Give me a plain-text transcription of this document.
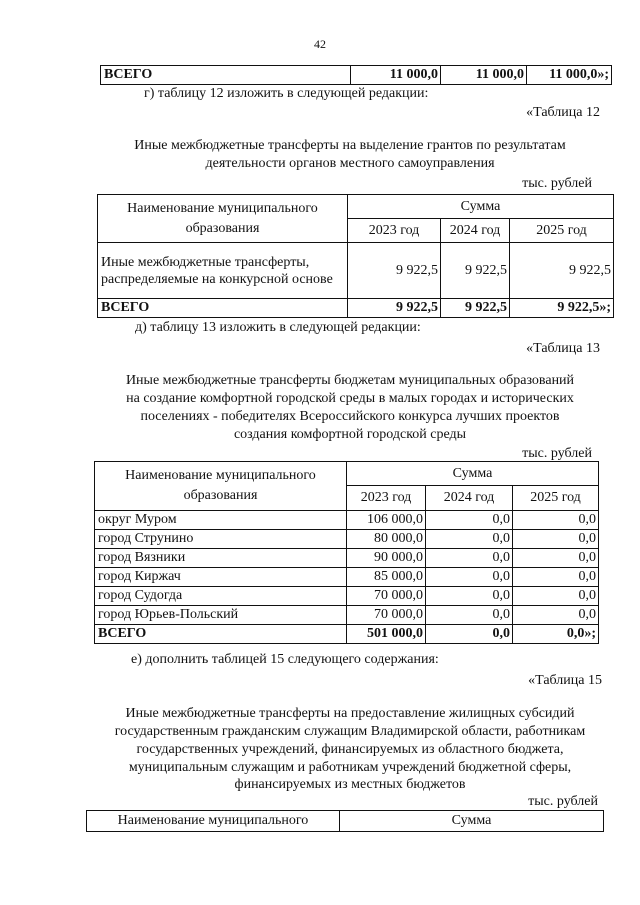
42
ВСЕГО	11 000,0	11 000,0	11 000,0»;
г) таблицу 12 изложить в следующей редакции:
«Таблица 12
Иные межбюджетные трансферты на выделение грантов по результатам
деятельности органов местного самоуправления
тыс. рублей
Наименование муниципального образования	Сумма		
	2023 год	2024 год	2025 год
Иные межбюджетные трансферты, распределяемые на конкурсной основе	9 922,5	9 922,5	9 922,5
ВСЕГО	9 922,5	9 922,5	9 922,5»;
д) таблицу 13 изложить в следующей редакции:
«Таблица 13
Иные межбюджетные трансферты бюджетам муниципальных образований
на создание комфортной городской среды в малых городах и исторических
поселениях - победителях Всероссийского конкурса лучших проектов
создания комфортной городской среды
тыс. рублей
Наименование муниципального образования	Сумма		
	2023 год	2024 год	2025 год
округ Муром	106 000,0	0,0	0,0
город Струнино	80 000,0	0,0	0,0
город Вязники	90 000,0	0,0	0,0
город Киржач	85 000,0	0,0	0,0
город Судогда	70 000,0	0,0	0,0
город Юрьев-Польский	70 000,0	0,0	0,0
ВСЕГО	501 000,0	0,0	0,0»;
е) дополнить таблицей 15 следующего содержания:
«Таблица 15
Иные межбюджетные трансферты на предоставление жилищных субсидий
государственным гражданским служащим Владимирской области, работникам
государственных учреждений, финансируемых из областного бюджета,
муниципальным служащим и работникам учреждений бюджетной сферы,
финансируемых из местных бюджетов
тыс. рублей
Наименование муниципального	Сумма
